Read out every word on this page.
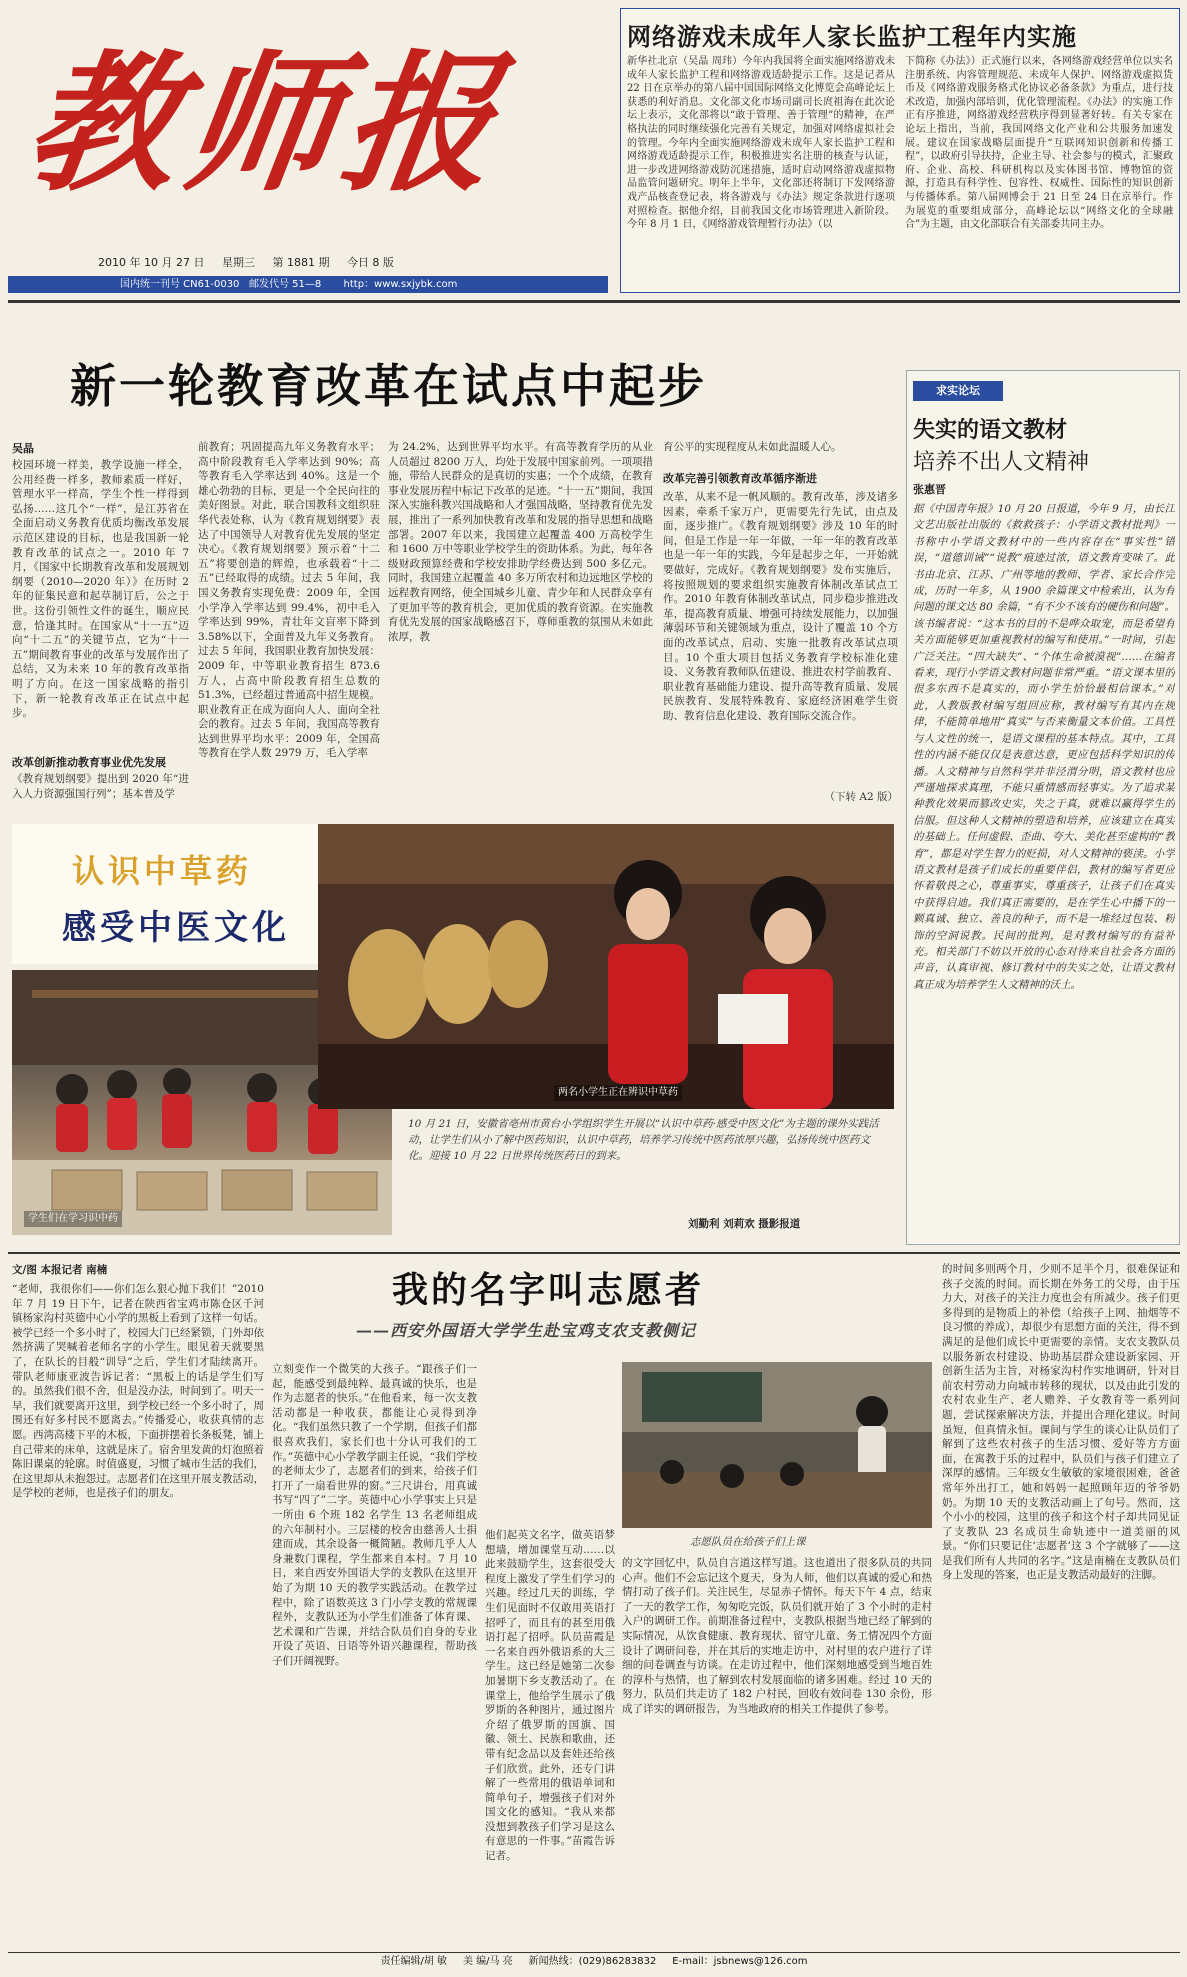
教师报
2010 年 10 月 27 日 星期三 第 1881 期 今日 8 版
国内统一刊号 CN61-0030 邮发代号 51—8 http：www.sxjybk.com
网络游戏未成年人家长监护工程年内实施
新华社北京（吴晶 周玮）今年内我国将全面实施网络游戏未成年人家长监护工程和网络游戏适龄提示工作。这是记者从 22 日在京举办的第八届中国国际网络文化博览会高峰论坛上获悉的利好消息。文化部文化市场司副司长庹祖海在此次论坛上表示，文化部将以“敢于管理、善于管理”的精神，在严格执法的同时继续强化完善有关规定，加强对网络虚拟社会的管理。今年内全面实施网络游戏未成年人家长监护工程和网络游戏适龄提示工作，积极推进实名注册的核查与认证，进一步改进网络游戏防沉迷措施，适时启动网络游戏虚拟物品监管问题研究。明年上半年，文化部还将制订下发网络游戏产品核查登记表，将各游戏与《办法》规定条款进行逐项对照检查。据他介绍，目前我国文化市场管理进入新阶段。今年 8 月 1 日，《网络游戏管理暂行办法》（以
下简称《办法》）正式施行以来，各网络游戏经营单位以实名注册系统、内容管理规范、未成年人保护、网络游戏虚拟货币及《网络游戏服务格式化协议必备条款》为重点，进行技术改造，加强内部培训，优化管理流程。《办法》的实施工作正有序推进，网络游戏经营秩序得到显著好转。有关专家在论坛上指出，当前，我国网络文化产业和公共服务加速发展。建议在国家战略层面提升“互联网知识创新和传播工程”，以政府引导扶持，企业主导、社会参与的模式，汇聚政府、企业、高校、科研机构以及实体图书馆、博物馆的资源，打造具有科学性、包容性、权威性、国际性的知识创新与传播体系。第八届网博会于 21 日至 24 日在京举行。作为展览的重要组成部分，高峰论坛以“网络文化的全球融合”为主题，由文化部联合有关部委共同主办。
新一轮教育改革在试点中起步
吴晶
校园环境一样美，教学设施一样全，公用经费一样多，教师素质一样好，管理水平一样高，学生个性一样得到弘扬……这几个“一样”，是江苏省在全面启动义务教育优质均衡改革发展示范区建设的目标，也是我国新一轮教育改革的试点之一。2010 年 7 月，《国家中长期教育改革和发展规划纲要（2010—2020 年）》在历时 2 年的征集民意和起草制订后，公之于世。这份引领性文件的诞生，顺应民意，恰逢其时。在国家从“十一五”迈向“十二五”的关键节点，它为“十一五”期间教育事业的改革与发展作出了总结，又为未来 10 年的教育改革指明了方向。在这一国家战略的指引下，新一轮教育改革正在试点中起步。
改革创新推动教育事业优先发展
《教育规划纲要》提出到 2020 年“进入人力资源强国行列”；基本普及学
前教育；巩固提高九年义务教育水平；高中阶段教育毛入学率达到 90%；高等教育毛入学率达到 40%。这是一个雄心勃勃的目标，更是一个全民向往的美好图景。对此，联合国教科文组织驻华代表处称，认为《教育规划纲要》表达了中国领导人对教育优先发展的坚定决心。《教育规划纲要》预示着“十二五”将要创造的辉煌，也承载着“十二五”已经取得的成绩。过去 5 年间，我国义务教育实现免费：2009 年，全国小学净入学率达到 99.4%，初中毛入学率达到 99%，青壮年文盲率下降到 3.58%以下，全面普及九年义务教育。过去 5 年间，我国职业教育加快发展：2009 年，中等职业教育招生 873.6 万人，占高中阶段教育招生总数的 51.3%，已经超过普通高中招生规模。职业教育正在成为面向人人、面向全社会的教育。过去 5 年间，我国高等教育达到世界平均水平：2009 年，全国高等教育在学人数 2979 万，毛入学率
为 24.2%，达到世界平均水平。有高等教育学历的从业人员超过 8200 万人，均处于发展中国家前列。一项项措施，带给人民群众的是真切的实惠；一个个成绩，在教育事业发展历程中标记下改革的足迹。“十一五”期间，我国深入实施科教兴国战略和人才强国战略，坚持教育优先发展，推出了一系列加快教育改革和发展的指导思想和战略部署。2007 年以来，我国建立起覆盖 400 万高校学生和 1600 万中等职业学校学生的资助体系。为此，每年各级财政预算经费和学校安排助学经费达到 500 多亿元。同时，我国建立起覆盖 40 多万所农村和边远地区学校的远程教育网络，使全国城乡儿童、青少年和人民群众享有了更加平等的教育机会，更加优质的教育资源。在实施教育优先发展的国家战略感召下，尊师重教的氛围从未如此浓厚，教
育公平的实现程度从未如此温暖人心。
改革完善引领教育改革循序渐进
改革，从来不是一帆风顺的。教育改革，涉及诸多因素，牵系千家万户，更需要先行先试，由点及面，逐步推广。《教育规划纲要》涉及 10 年的时间，但是工作是一年一年做，一年一年的教育改革也是一年一年的实践，今年是起步之年，一开始就要做好，完成好。《教育规划纲要》发布实施后，将按照规划的要求组织实施教育体制改革试点工作。2010 年教育体制改革试点，同步稳步推进改革，提高教育质量、增强可持续发展能力，以加强薄弱环节和关键领域为重点，设计了覆盖 10 个方面的改革试点，启动、实施一批教育改革试点项目。10 个重大项目包括义务教育学校标准化建设、义务教育教师队伍建设、推进农村学前教育、职业教育基础能力建设、提升高等教育质量、发展民族教育、发展特殊教育、家庭经济困难学生资助、教育信息化建设、教育国际交流合作。
（下转 A2 版）
求实论坛
失实的语文教材
培养不出人文精神
张惠晋
据《中国青年报》10 月 20 日报道，今年 9 月，由长江文艺出版社出版的《救救孩子：小学语文教材批判》一书称中小学语文教材中的一些内容存在“事实性”错误，“道德训诫”“说教”痕迹过浓，语文教育变味了。此书由北京、江苏、广州等地的教师、学者、家长合作完成，历时一年多，从 1900 余篇课文中检索出，认为有问题的课文达 80 余篇，“有不少不该有的硬伤和问题”。该书编者说：“这本书的目的不是哗众取宠，而是希望有关方面能够更加重视教材的编写和使用。”一时间，引起广泛关注。“四大缺失”、“个体生命被漠视”……在编者看来，现行小学语文教材问题非常严重。“语文课本里的很多东西不是真实的，而小学生恰恰最相信课本。”对此，人教版教材编写组回应称，教材编写有其内在规律，不能简单地用“真实”与否来衡量文本价值。工具性与人文性的统一，是语文课程的基本特点。其中，工具性的内涵不能仅仅是表意达意，更应包括科学知识的传播。人文精神与自然科学并非泾渭分明，语文教材也应严谨地探求真理，不能只重情感而轻事实。为了追求某种教化效果而篡改史实，失之于真，就难以赢得学生的信服。但这种人文精神的塑造和培养，应该建立在真实的基础上。任何虚假、歪曲、夸大、美化甚至虚构的“教育”，都是对学生智力的贬损，对人文精神的亵渎。小学语文教材是孩子们成长的重要伴侣，教材的编写者更应怀着敬畏之心，尊重事实，尊重孩子，让孩子们在真实中获得启迪。我们真正需要的，是在学生心中播下的一颗真诚、独立、善良的种子，而不是一堆经过包装、粉饰的空洞说教。民间的批判，是对教材编写的有益补充。相关部门不妨以开放的心态对待来自社会各方面的声音，认真审视、修订教材中的失实之处，让语文教材真正成为培养学生人文精神的沃土。
认识中草药
感受中医文化
学生们在学习识中药
两名小学生正在辨识中草药
10 月 21 日，安徽省亳州市黄台小学组织学生开展以“认识中草药·感受中医文化”为主题的课外实践活动，让学生们从小了解中医药知识，认识中草药，培养学习传统中医药浓厚兴趣，弘扬传统中医药文化。迎接 10 月 22 日世界传统医药日的到来。
刘勤利 刘莉欢 摄影报道
文/图 本报记者 南楠	我的名字叫志愿者
——西安外国语大学学生赴宝鸡支农支教侧记
“老师，我很你们——你们怎么狠心抛下我们！”2010 年 7 月 19 日下午，记者在陕西省宝鸡市陈仓区千河镇杨家沟村英德中心小学的黑板上看到了这样一句话。被学已经一个多小时了，校园大门已经紧锁，门外却依然挤满了哭喊着老师名字的小学生。眼见着天就要黑了，在队长的目般“训导”之后，学生们才陆续离开。带队老师康亚波告诉记者：“黑板上的话是学生们写的。虽然我们很不舍，但是没办法，时间到了。明天一早，我们就要离开这里，到学校已经一个多小时了，周围还有好多村民不愿离去。”传播爱心，收获真情的志愿。西湾高楼下平的木板，下面拼摆着长条板凳，铺上自己带来的床单，这就是床了。宿舍里发黄的灯泡照着陈旧课桌的轮廓。时值盛夏，习惯了城市生活的我们，在这里却从未抱怨过。志愿者们在这里开展支教活动，是学校的老师，也是孩子们的朋友。
立刻变作一个微笑的大孩子。“跟孩子们一起，能感受到最纯粹、最真诚的快乐，也是作为志愿者的快乐。”在他看来，每一次支教活动都是一种收获，都能让心灵得到净化。“我们虽然只教了一个学期，但孩子们都很喜欢我们，家长们也十分认可我们的工作。”英德中心小学教学副主任说，“我们学校的老师太少了，志愿者们的到来，给孩子们打开了一扇看世界的窗。”三尺讲台，用真诚书写“四了”二字。英德中心小学事实上只是一所由 6 个班 182 名学生 13 名老师组成的六年制村小。三层楼的校舍由慈善人士捐建而成，其余设备一概简陋。教师几乎人人身兼数门课程，学生都来自本村。7 月 10 日，来自西安外国语大学的支教队在这里开始了为期 10 天的教学实践活动。在教学过程中，除了语数英这 3 门小学支教的常规课程外，支教队还为小学生们准备了体育课、艺术课和广告课，并结合队员们自身的专业开设了英语、日语等外语兴趣课程，帮助孩子们开阔视野。
他们起英文名字，做英语梦想墙，增加课堂互动……以此来鼓励学生，这套很受大程度上激发了学生们学习的兴趣。经过几天的训练，学生们见面时不仅敢用英语打招呼了，而且有的甚至用俄语打起了招呼。队员苗霞是一名来自西外俄语系的大三学生。这已经是她第二次参加暑期下乡支教活动了。在课堂上，他给学生展示了俄罗斯的各种图片，通过图片介绍了俄罗斯的国旗、国徽、领土、民族和歌曲，还带有纪念品以及套娃还给孩子们欣赏。此外，还专门讲解了一些常用的俄语单词和简单句子，增强孩子们对外国文化的感知。“我从来都没想到教孩子们学习是这么有意思的一件事。”苗霞告诉记者。
志愿队员在给孩子们上课
的文字回忆中，队员自言道这样写道。这也道出了很多队员的共同心声。他们不会忘记这个夏天，身为人师，他们以真诚的爱心和热情打动了孩子们。关注民生，尽显赤子情怀。每天下午 4 点，结束了一天的教学工作，匆匆吃完饭，队员们就开始了 3 个小时的走村入户的调研工作。前期准备过程中，支教队根据当地已经了解到的实际情况，从饮食健康、教育现状、留守儿童、务工情况四个方面设计了调研问卷，并在其后的实地走访中，对村里的农户进行了详细的问卷调查与访谈。在走访过程中，他们深刻地感受到当地百姓的淳朴与热情，也了解到农村发展面临的诸多困难。经过 10 天的努力，队员们共走访了 182 户村民，回收有效问卷 130 余份，形成了详实的调研报告，为当地政府的相关工作提供了参考。
的时间多则两个月，少则不足半个月，很难保证和孩子交流的时间。而长期在外务工的父母，由于压力大，对孩子的关注力度也会有所减少。孩子们更多得到的是物质上的补偿（给孩子上网、抽烟等不良习惯的养成），却很少有思想方面的关注，得不到满足的是他们成长中更需要的亲情。支农支教队员以服务新农村建设、协助基层群众建设新家园、开创新生活为主旨，对杨家沟村作实地调研，针对目前农村劳动力向城市转移的现状，以及由此引发的农村农业生产、老人赡养、子女教育等一系列问题，尝试探索解决方法，并提出合理化建议。时间虽短，但真情永恒。课间与学生的谈心让队员们了解到了这些农村孩子的生活习惯、爱好等方方面面，在寓教于乐的过程中，队员们与孩子们建立了深厚的感情。三年级女生敏敏的家境很困难，爸爸常年外出打工，她和妈妈一起照顾年迈的爷爷奶奶。为期 10 天的支教活动画上了句号。然而，这个小小的校园，这里的孩子和这个村子却共同见证了支教队 23 名成员生命轨迹中一道美丽的风景。“你们只要记住‘志愿者’这 3 个字就够了——这是我们所有人共同的名字。”这是南楠在支教队员们身上发现的答案，也正是支教活动最好的注脚。
责任编辑/胡 敏 美 编/马 亮 新闻热线：(029)86283832 E-mail：jsbnews@126.com
